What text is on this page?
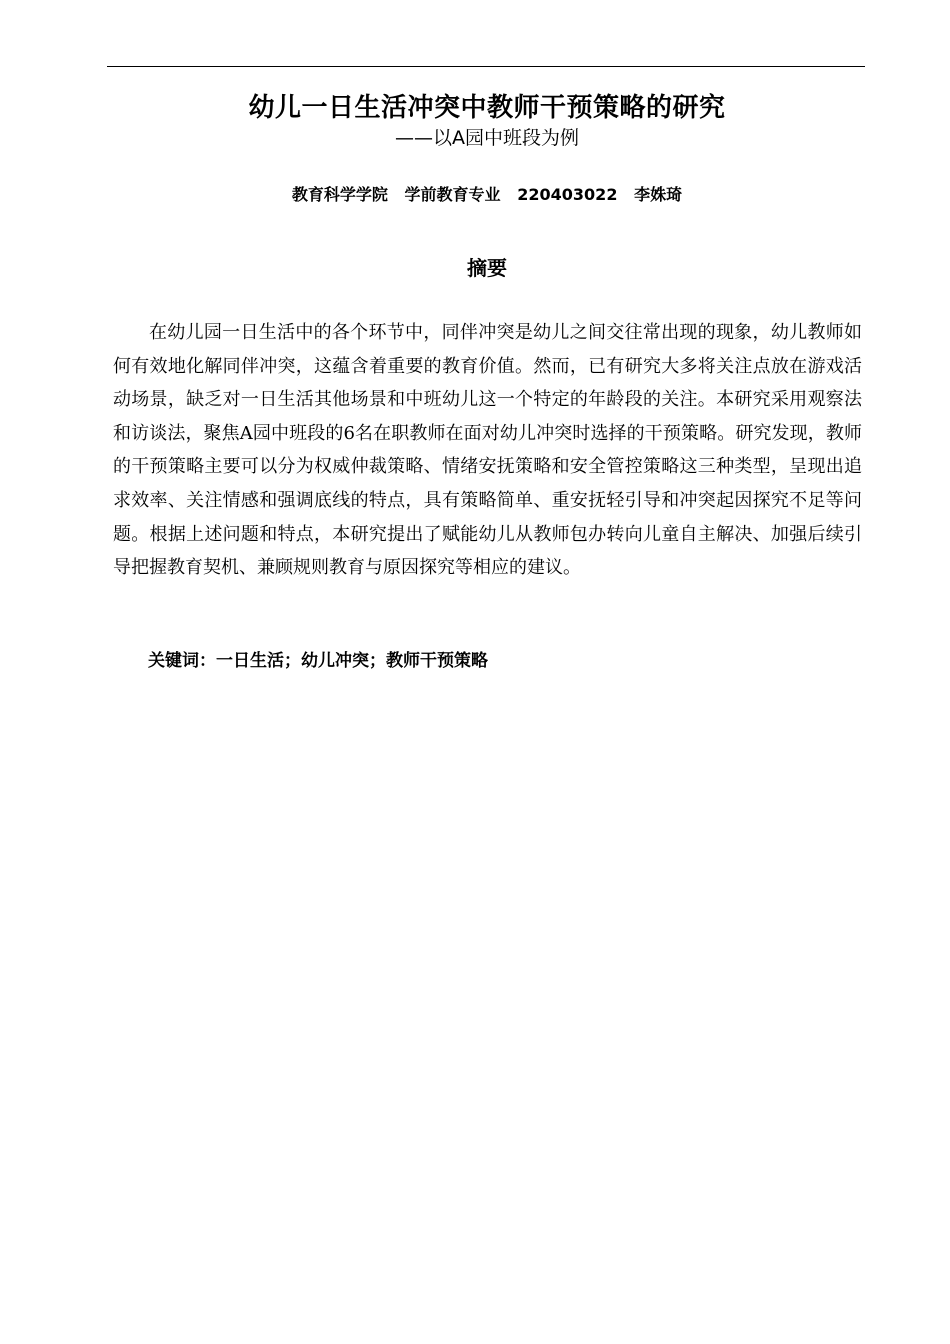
幼儿一日生活冲突中教师干预策略的研究
——以A园中班段为例
教育科学学院   学前教育专业   220403022   李姝琦
摘要

在幼儿园一日生活中的各个环节中，同伴冲突是幼儿之间交往常出现的现象，幼儿教师如何有效地化解同伴冲突，这蕴含着重要的教育价值。然而，已有研究大多将关注点放在游戏活动场景，缺乏对一日生活其他场景和中班幼儿这一个特定的年龄段的关注。本研究采用观察法和访谈法，聚焦A园中班段的6名在职教师在面对幼儿冲突时选择的干预策略。研究发现，教师的干预策略主要可以分为权威仲裁策略、情绪安抚策略和安全管控策略这三种类型，呈现出追求效率、关注情感和强调底线的特点，具有策略简单、重安抚轻引导和冲突起因探究不足等问题。根据上述问题和特点，本研究提出了赋能幼儿从教师包办转向儿童自主解决、加强后续引导把握教育契机、兼顾规则教育与原因探究等相应的建议。

关键词：一日生活；幼儿冲突；教师干预策略
